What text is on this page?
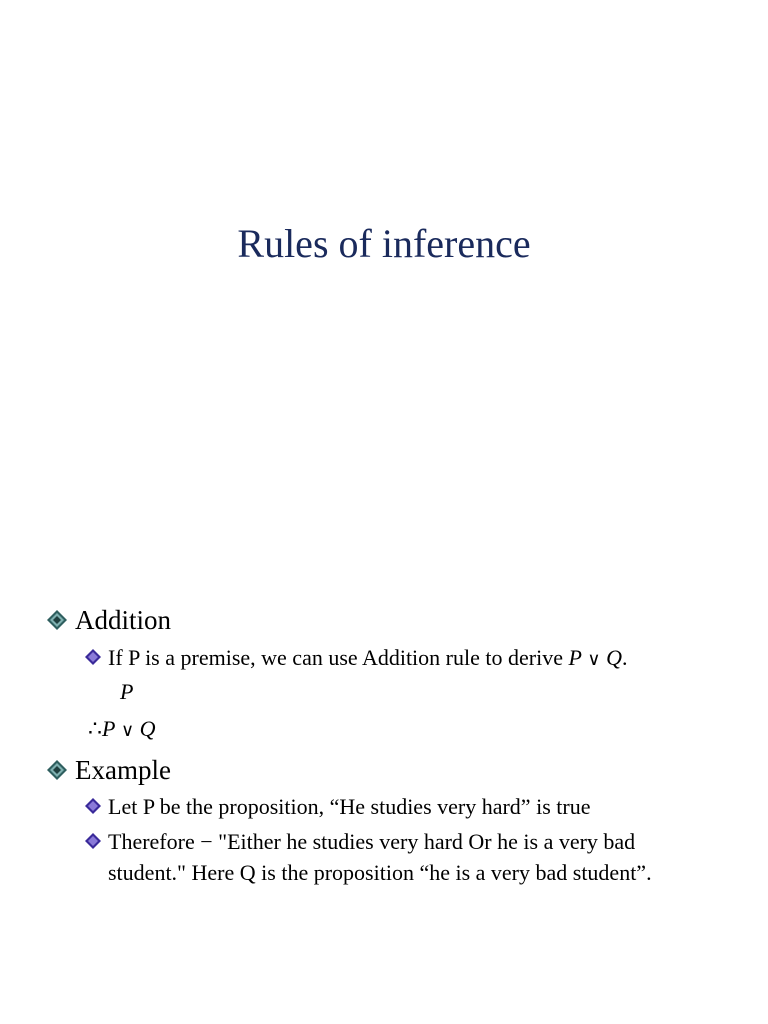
Rules of inference
Addition
If P is a premise, we can use Addition rule to derive P ∨ Q.
P
∴P ∨ Q
Example
Let P be the proposition, “He studies very hard” is true
Therefore − "Either he studies very hard Or he is a very bad student." Here Q is the proposition “he is a very bad student”.
